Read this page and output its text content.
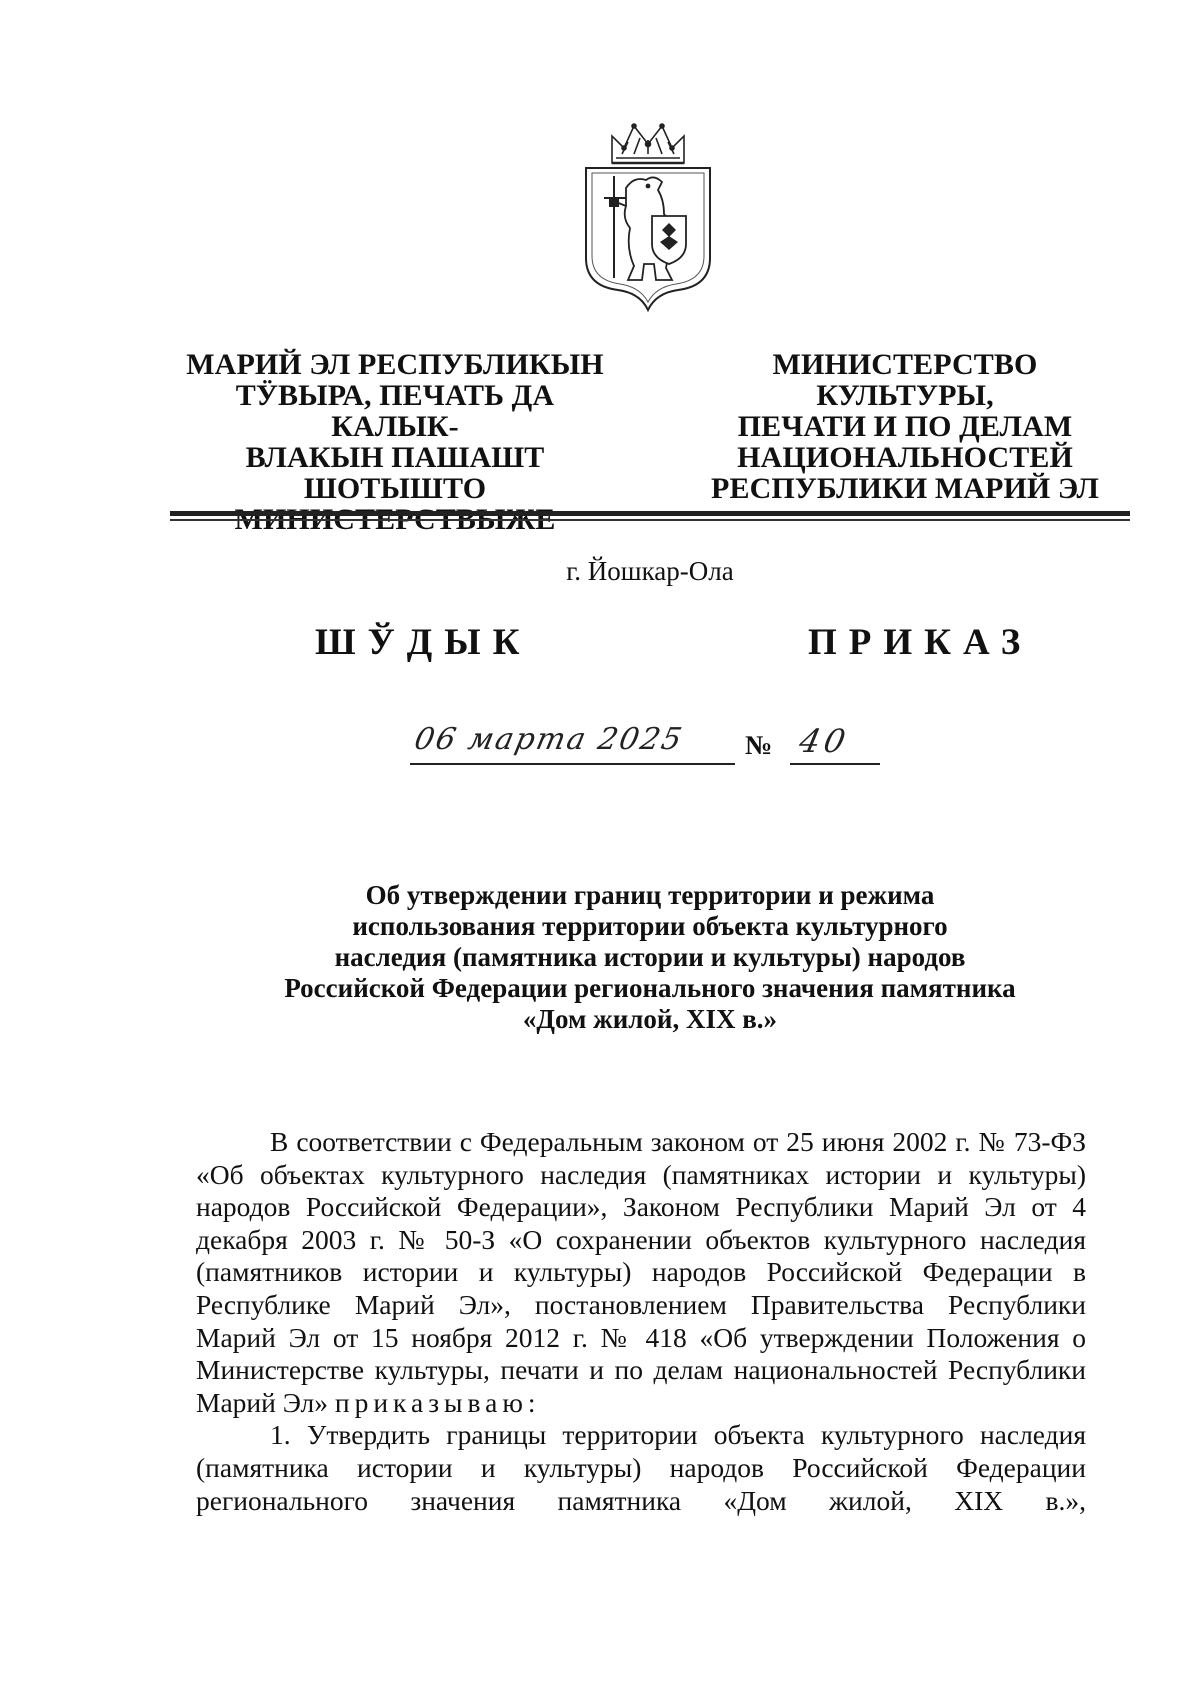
МАРИЙ ЭЛ РЕСПУБЛИКЫН
ТӰВЫРА, ПЕЧАТЬ ДА КАЛЫК-
ВЛАКЫН ПАШАШТ ШОТЫШТО

МИНИСТЕРСТВО КУЛЬТУРЫ,
ПЕЧАТИ И ПО ДЕЛАМ
НАЦИОНАЛЬНОСТЕЙ
РЕСПУБЛИКИ МАРИЙ ЭЛ
г. Йошкар-Ола
ШЎДЫК	ПРИКАЗ
06 марта 2025 № 40
Об утверждении границ территории и режима
использования территории объекта культурного
наследия (памятника истории и культуры) народов
Российской Федерации регионального значения памятника
«Дом жилой, XIX в.»

В соответствии с Федеральным законом от 25 июня 2002 г. № 73-ФЗ «Об объектах культурного наследия (памятниках истории и культуры) народов Российской Федерации», Законом Республики Марий Эл от 4 декабря 2003 г. № 50-З «О сохранении объектов культурного наследия (памятников истории и культуры) народов Российской Федерации в Республике Марий Эл», постановлением Правительства Республики Марий Эл от 15 ноября 2012 г. № 418 «Об утверждении Положения о Министерстве культуры, печати и по делам национальностей Республики Марий Эл» приказываю:

1. Утвердить границы территории объекта культурного наследия (памятника истории и культуры) народов Российской Федерации регионального значения памятника «Дом жилой, XIX в.»,
